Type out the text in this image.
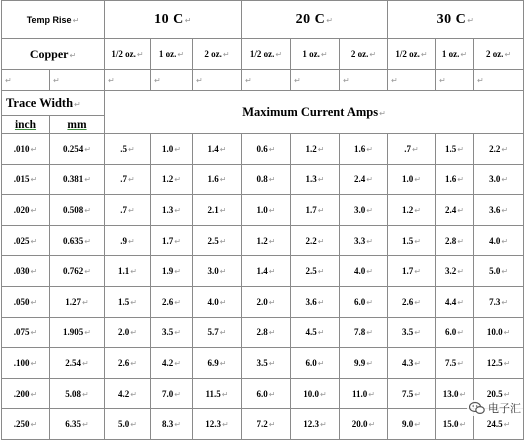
Temp Rise↵		10 C↵			20 C↵			30 C↵		
Copper↵		1/2 oz.↵	1 oz.↵	2 oz.↵	1/2 oz.↵	1 oz.↵	2 oz.↵	1/2 oz.↵	1 oz.↵	2 oz.↵
↵	↵	↵	↵	↵	↵	↵	↵	↵	↵	↵
Trace Width↵		Maximum Current Amps↵								
inch	mm									
.010↵	0.254↵	.5↵	1.0↵	1.4↵	0.6↵	1.2↵	1.6↵	.7↵	1.5↵	2.2↵
.015↵	0.381↵	.7↵	1.2↵	1.6↵	0.8↵	1.3↵	2.4↵	1.0↵	1.6↵	3.0↵
.020↵	0.508↵	.7↵	1.3↵	2.1↵	1.0↵	1.7↵	3.0↵	1.2↵	2.4↵	3.6↵
.025↵	0.635↵	.9↵	1.7↵	2.5↵	1.2↵	2.2↵	3.3↵	1.5↵	2.8↵	4.0↵
.030↵	0.762↵	1.1↵	1.9↵	3.0↵	1.4↵	2.5↵	4.0↵	1.7↵	3.2↵	5.0↵
.050↵	1.27↵	1.5↵	2.6↵	4.0↵	2.0↵	3.6↵	6.0↵	2.6↵	4.4↵	7.3↵
.075↵	1.905↵	2.0↵	3.5↵	5.7↵	2.8↵	4.5↵	7.8↵	3.5↵	6.0↵	10.0↵
.100↵	2.54↵	2.6↵	4.2↵	6.9↵	3.5↵	6.0↵	9.9↵	4.3↵	7.5↵	12.5↵
.200↵	5.08↵	4.2↵	7.0↵	11.5↵	6.0↵	10.0↵	11.0↵	7.5↵	13.0↵	20.5↵
.250↵	6.35↵	5.0↵	8.3↵	12.3↵	7.2↵	12.3↵	20.0↵	9.0↵	15.0↵	24.5↵
电子汇
